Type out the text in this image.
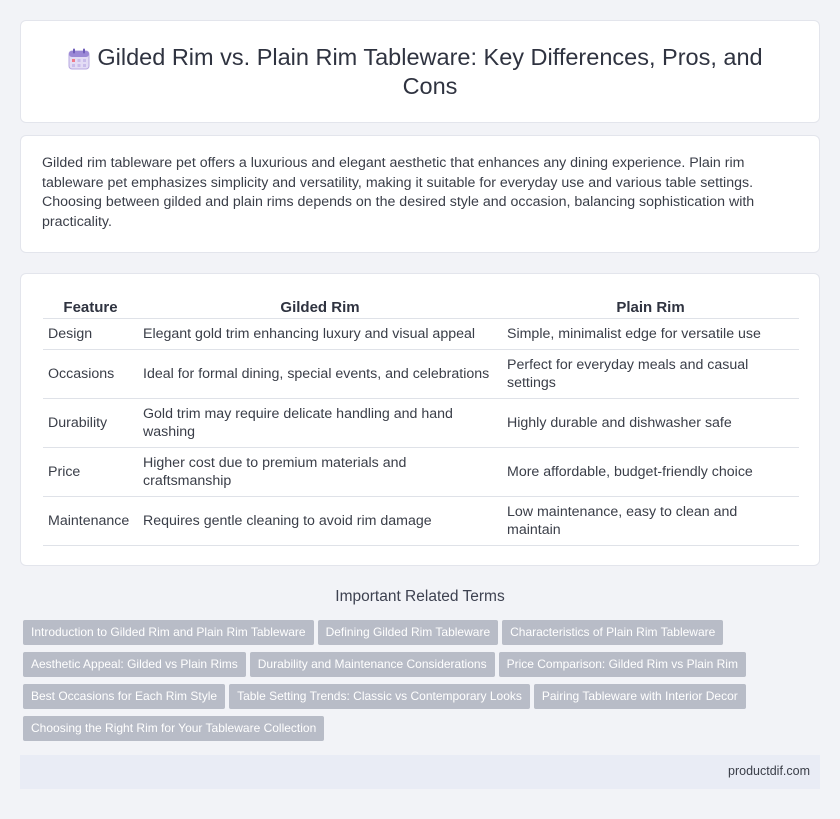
Gilded Rim vs. Plain Rim Tableware: Key Differences, Pros, and Cons

Gilded rim tableware pet offers a luxurious and elegant aesthetic that enhances any dining experience. Plain rim tableware pet emphasizes simplicity and versatility, making it suitable for everyday use and various table settings. Choosing between gilded and plain rims depends on the desired style and occasion, balancing sophistication with practicality.

Feature	Gilded Rim	Plain Rim
Design	Elegant gold trim enhancing luxury and visual appeal	Simple, minimalist edge for versatile use
Occasions	Ideal for formal dining, special events, and celebrations	Perfect for everyday meals and casual settings
Durability	Gold trim may require delicate handling and hand washing	Highly durable and dishwasher safe
Price	Higher cost due to premium materials and craftsmanship	More affordable, budget-friendly choice
Maintenance	Requires gentle cleaning to avoid rim damage	Low maintenance, easy to clean and maintain
Important Related Terms
Introduction to Gilded Rim and Plain Rim Tableware Defining Gilded Rim Tableware Characteristics of Plain Rim Tableware
Aesthetic Appeal: Gilded vs Plain Rims Durability and Maintenance Considerations Price Comparison: Gilded Rim vs Plain Rim
Best Occasions for Each Rim Style Table Setting Trends: Classic vs Contemporary Looks Pairing Tableware with Interior Decor
Choosing the Right Rim for Your Tableware Collection
productdif.com
